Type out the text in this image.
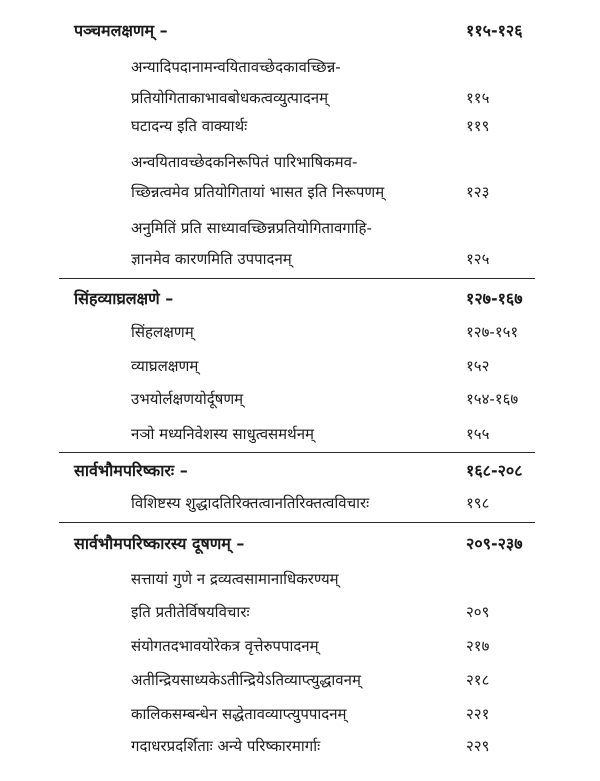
पञ्चमलक्षणम् –	११५-१२६
अन्यादिपदानामन्वयितावच्छेदकावच्छिन्न-
प्रतियोगिताकाभावबोधकत्वव्युत्पादनम्	११५
घटादन्य इति वाक्यार्थः	११९
अन्वयितावच्छेदकनिरूपितं पारिभाषिकमव-
च्छिन्नत्वमेव प्रतियोगितायां भासत इति निरूपणम्	१२३
अनुमितिं प्रति साध्यावच्छिन्नप्रतियोगितावगाहि-
ज्ञानमेव कारणमिति उपपादनम्	१२५
सिंहव्याघ्रलक्षणे –	१२७-१६७
सिंहलक्षणम्	१२७-१५१
व्याघ्रलक्षणम्	१५२
उभयोर्लक्षणयोर्दूषणम्	१५४-१६७
नञो मध्यनिवेशस्य साधुत्वसमर्थनम्	१५५
सार्वभौमपरिष्कारः –	१६८-२०८
विशिष्टस्य शुद्धादतिरिक्तत्वानतिरिक्तत्वविचारः	१९८
सार्वभौमपरिष्कारस्य दूषणम् –	२०९-२३७
सत्तायां गुणे न द्रव्यत्वसामानाधिकरण्यम्
इति प्रतीतेर्विषयविचारः	२०९
संयोगतदभावयोरेकत्र वृत्तेरुपपादनम्	२१७
अतीन्द्रियसाध्यकेऽतीन्द्रियेऽतिव्याप्त्युद्धावनम्	२१८
कालिकसम्बन्धेन सद्धेतावव्याप्त्युपपादनम्	२२१
गदाधरप्रदर्शिताः अन्ये परिष्कारमार्गाः	२२९
